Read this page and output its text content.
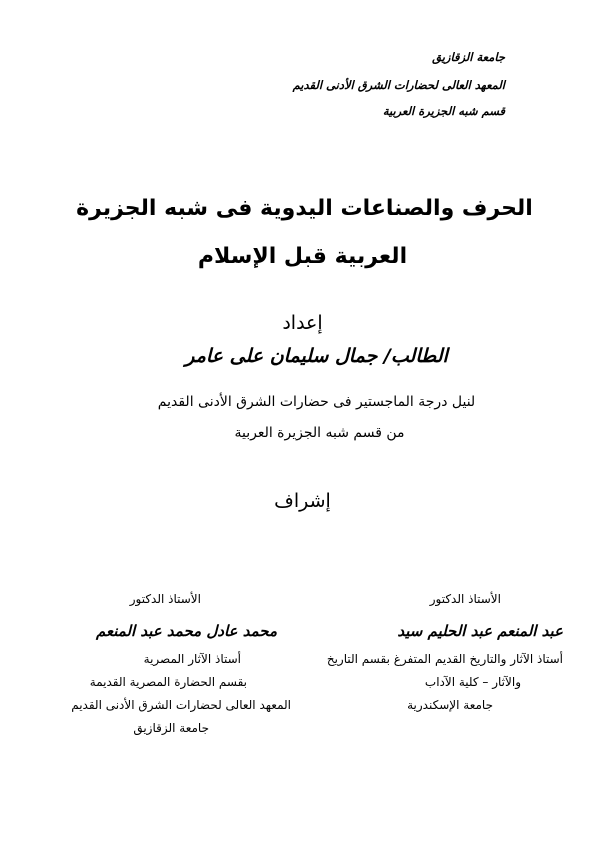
جامعة الزقازيق
المعهد العالى لحضارات الشرق الأدنى القديم
قسم شبه الجزيرة العربية
الحرف والصناعات اليدوية فى شبه الجزيرة
العربية قبل الإسلام
إعداد
الطالب/ جمال سليمان على عامر
لنيل درجة الماجستير فى حضارات الشرق الأدنى القديم
من قسم شبه الجزيرة العربية
إشراف
الأستاذ الدكتور
عبد المنعم عبد الحليم سيد
أستاذ الآثار والتاريخ القديم المتفرغ بقسم التاريخ
والآثار – كلية الآداب
جامعة الإسكندرية
الأستاذ الدكتور
محمد عادل محمد عبد المنعم
أستاذ الآثار المصرية
بقسم الحضارة المصرية القديمة
المعهد العالى لحضارات الشرق الأدنى القديم
جامعة الزقازيق
